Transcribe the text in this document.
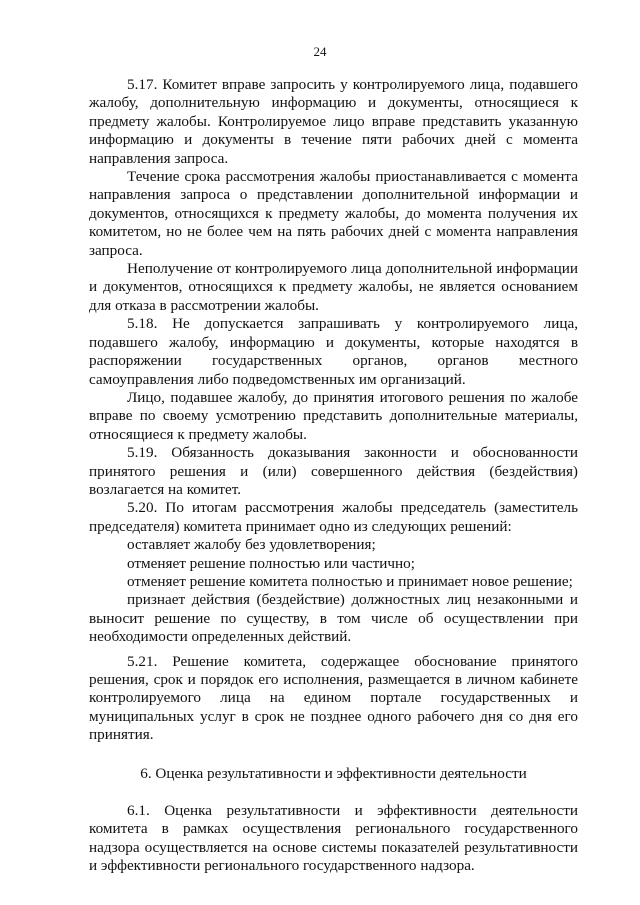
24

5.17. Комитет вправе запросить у контролируемого лица, подавшего жалобу, дополнительную информацию и документы, относящиеся к предмету жалобы. Контролируемое лицо вправе представить указанную информацию и документы в течение пяти рабочих дней с момента направления запроса.

Течение срока рассмотрения жалобы приостанавливается с момента направления запроса о представлении дополнительной информации и документов, относящихся к предмету жалобы, до момента получения их комитетом, но не более чем на пять рабочих дней с момента направления запроса.

Неполучение от контролируемого лица дополнительной информации и документов, относящихся к предмету жалобы, не является основанием для отказа в рассмотрении жалобы.

5.18. Не допускается запрашивать у контролируемого лица, подавшего жалобу, информацию и документы, которые находятся в распоряжении государственных органов, органов местного самоуправления либо подведомственных им организаций.

Лицо, подавшее жалобу, до принятия итогового решения по жалобе вправе по своему усмотрению представить дополнительные материалы, относящиеся к предмету жалобы.

5.19. Обязанность доказывания законности и обоснованности принятого решения и (или) совершенного действия (бездействия) возлагается на комитет.

5.20. По итогам рассмотрения жалобы председатель (заместитель председателя) комитета принимает одно из следующих решений:

оставляет жалобу без удовлетворения;

отменяет решение полностью или частично;

отменяет решение комитета полностью и принимает новое решение;

признает действия (бездействие) должностных лиц незаконными и выносит решение по существу, в том числе об осуществлении при необходимости определенных действий.

5.21. Решение комитета, содержащее обоснование принятого решения, срок и порядок его исполнения, размещается в личном кабинете контролируемого лица на едином портале государственных и муниципальных услуг в срок не позднее одного рабочего дня со дня его принятия.

6. Оценка результативности и эффективности деятельности

6.1. Оценка результативности и эффективности деятельности комитета в рамках осуществления регионального государственного надзора осуществляется на основе системы показателей результативности и эффективности регионального государственного надзора.
